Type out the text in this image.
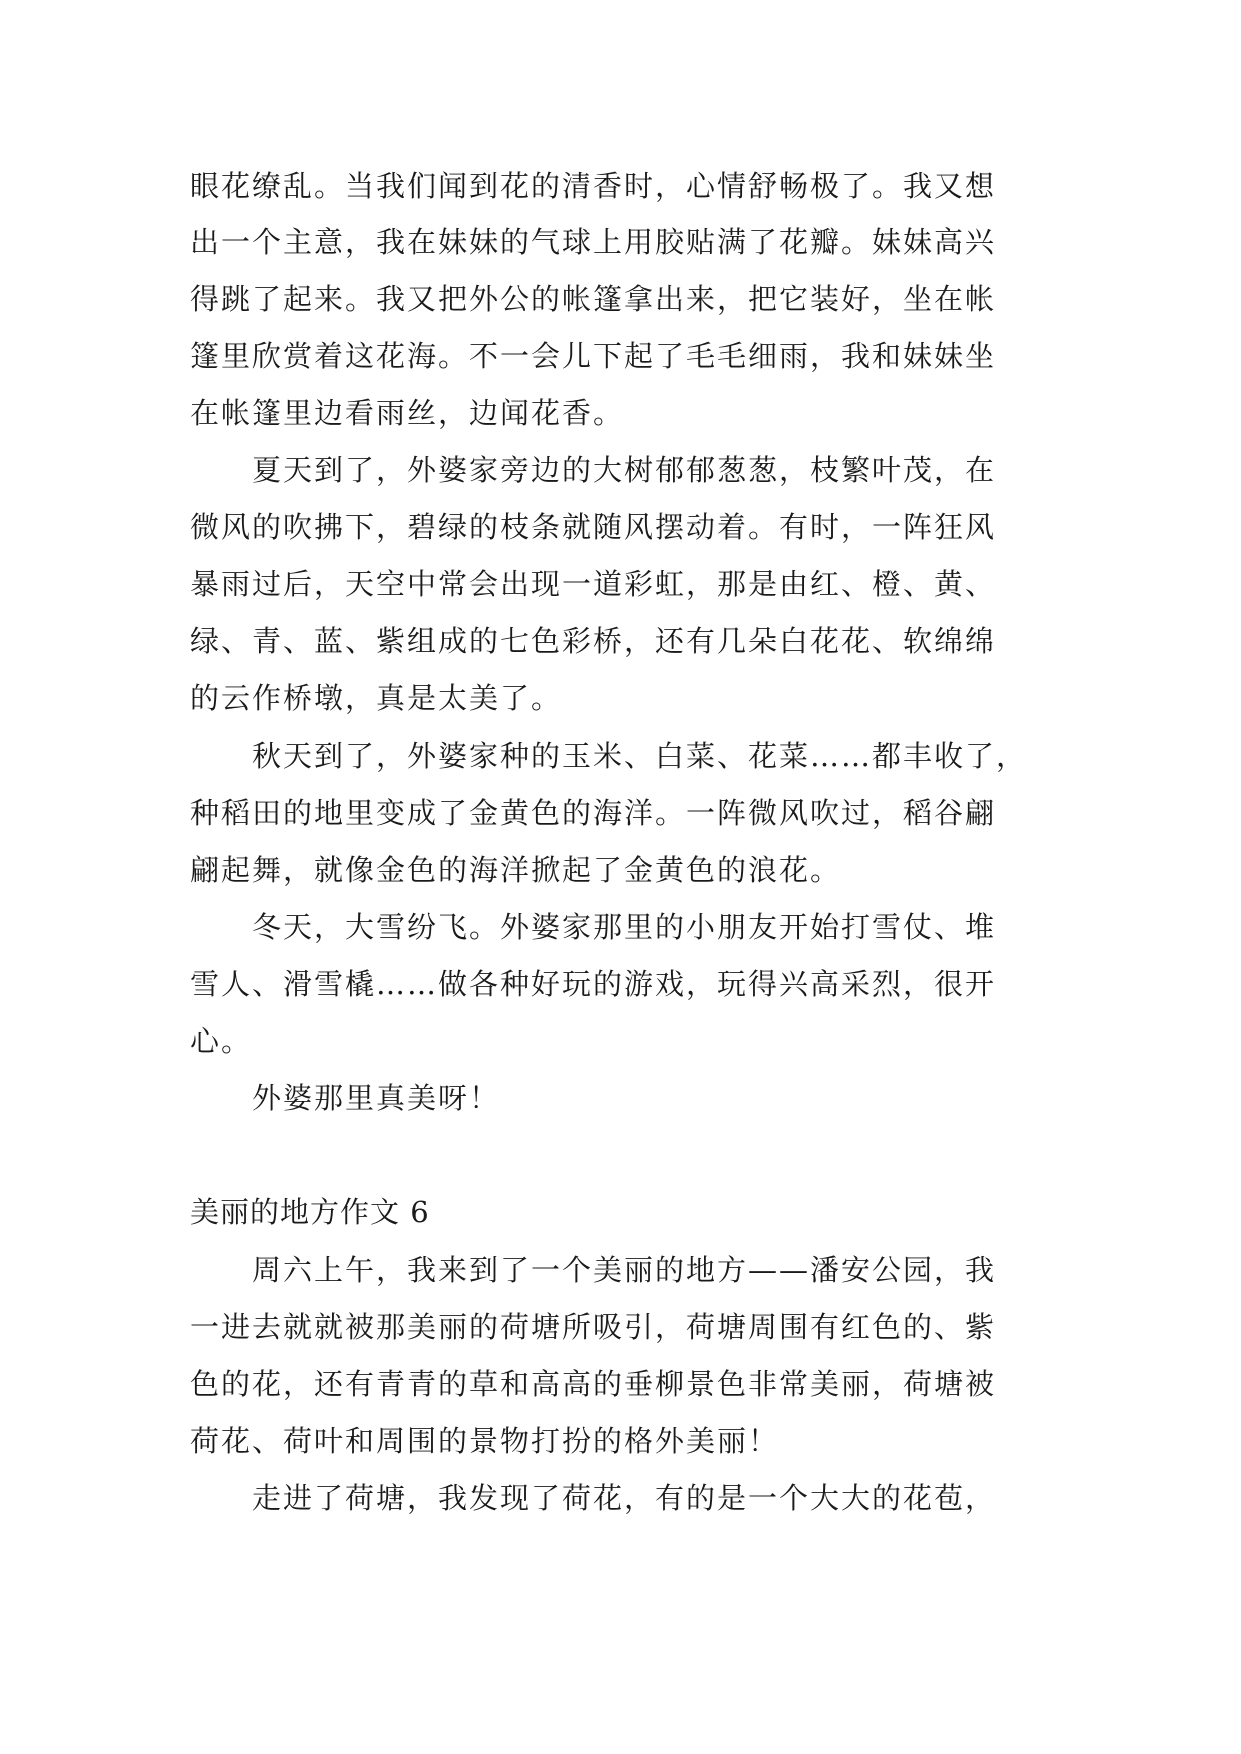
眼花缭乱。当我们闻到花的清香时，心情舒畅极了。我又想
出一个主意，我在妹妹的气球上用胶贴满了花瓣。妹妹高兴
得跳了起来。我又把外公的帐篷拿出来，把它装好，坐在帐
篷里欣赏着这花海。不一会儿下起了毛毛细雨，我和妹妹坐
在帐篷里边看雨丝，边闻花香。
夏天到了，外婆家旁边的大树郁郁葱葱，枝繁叶茂，在
微风的吹拂下，碧绿的枝条就随风摆动着。有时，一阵狂风
暴雨过后，天空中常会出现一道彩虹，那是由红、橙、黄、
绿、青、蓝、紫组成的七色彩桥，还有几朵白花花、软绵绵
的云作桥墩，真是太美了。
秋天到了，外婆家种的玉米、白菜、花菜……都丰收了，
种稻田的地里变成了金黄色的海洋。一阵微风吹过，稻谷翩
翩起舞，就像金色的海洋掀起了金黄色的浪花。
冬天，大雪纷飞。外婆家那里的小朋友开始打雪仗、堆
雪人、滑雪橇……做各种好玩的游戏，玩得兴高采烈，很开
心。
外婆那里真美呀！
美丽的地方作文 6
周六上午，我来到了一个美丽的地方——潘安公园，我
一进去就就被那美丽的荷塘所吸引，荷塘周围有红色的、紫
色的花，还有青青的草和高高的垂柳景色非常美丽，荷塘被
荷花、荷叶和周围的景物打扮的格外美丽！
走进了荷塘，我发现了荷花，有的是一个大大的花苞，
